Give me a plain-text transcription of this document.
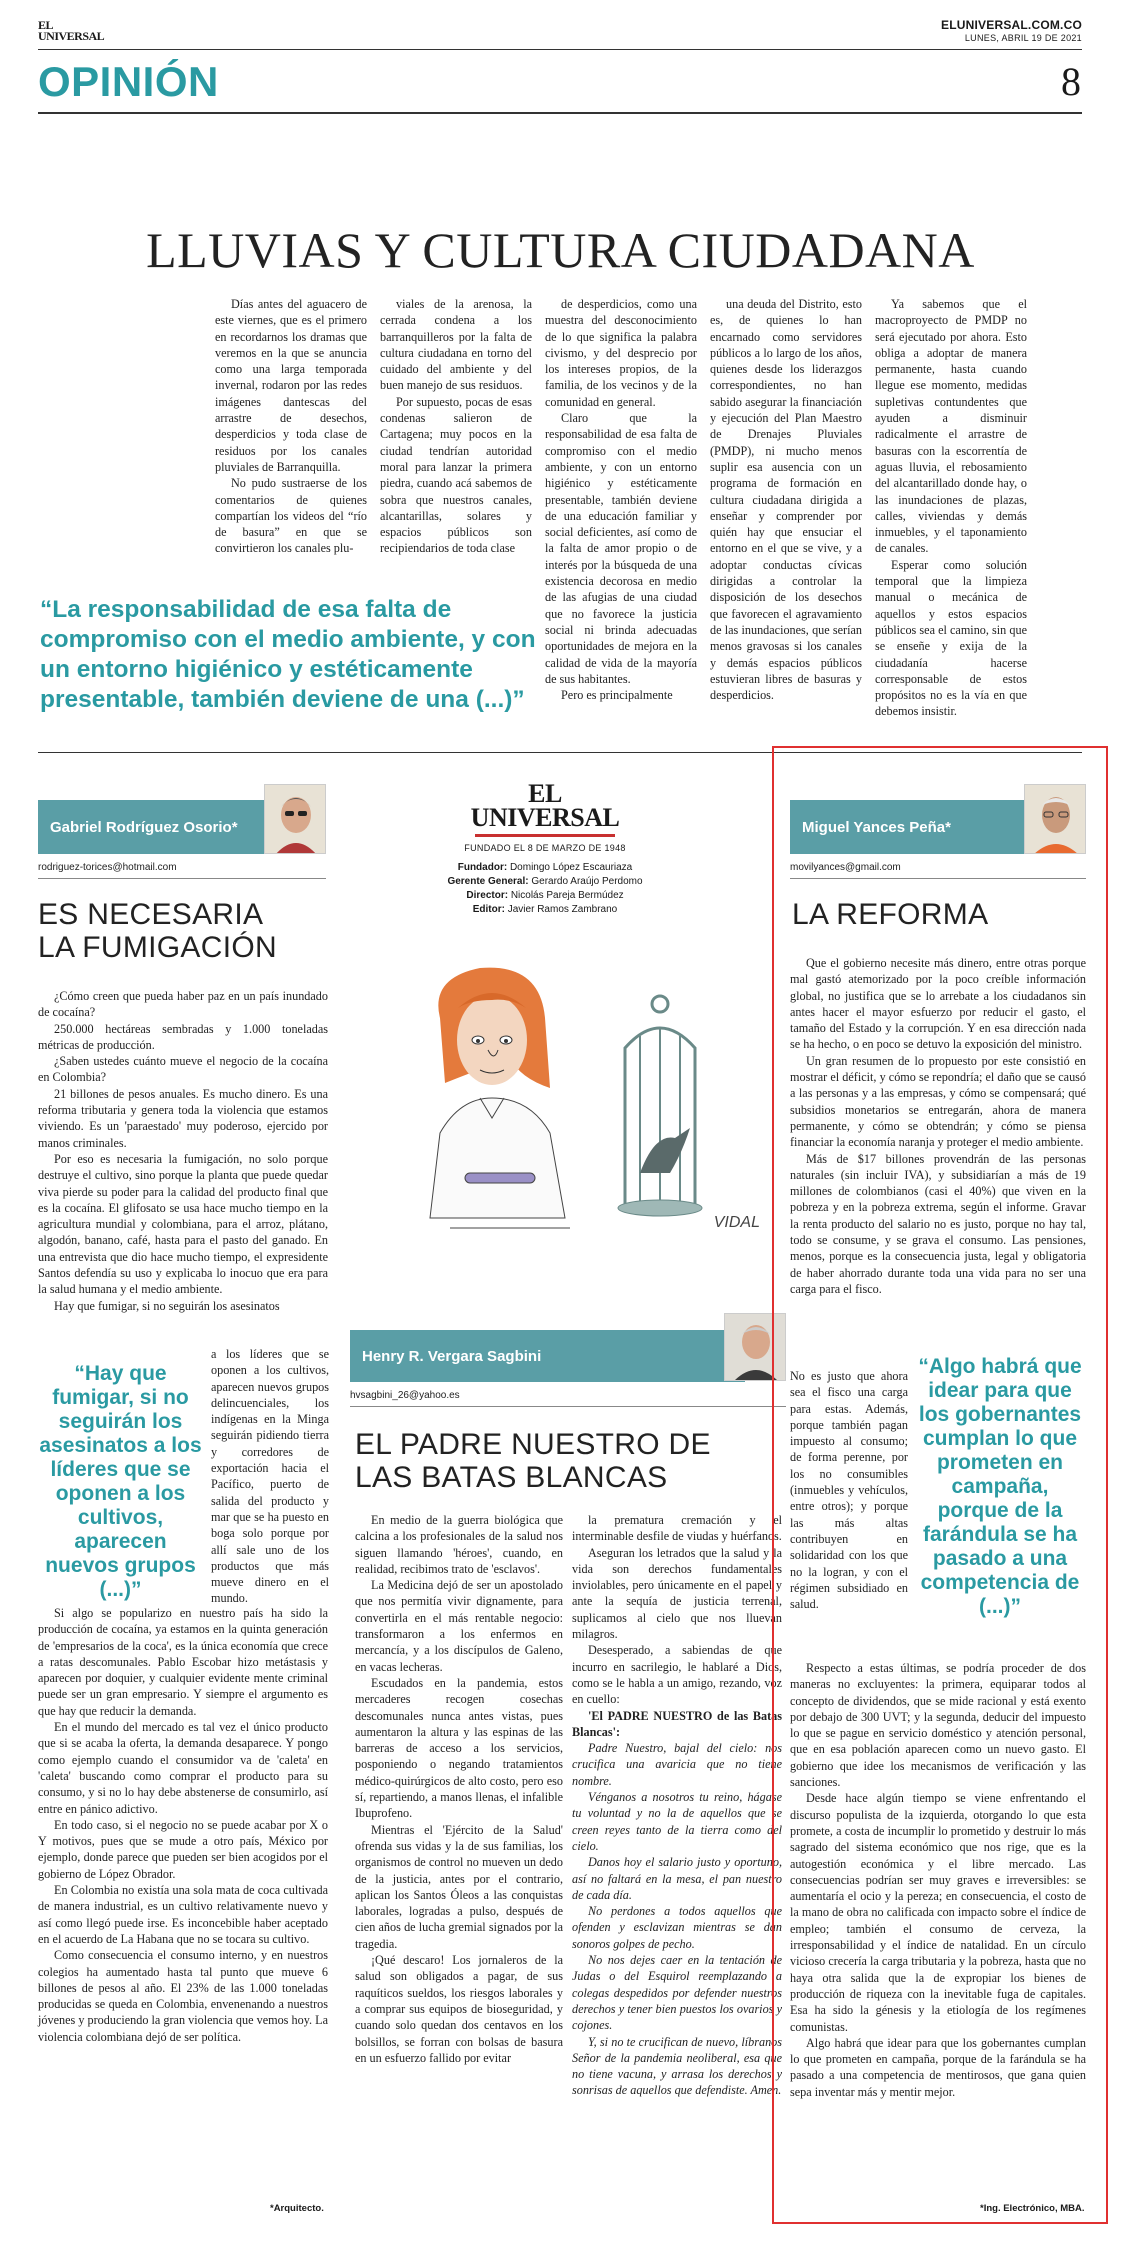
EL UNIVERSAL
ELUNIVERSAL.COM.CO
LUNES, ABRIL 19 DE 2021
OPINIÓN	8
LLUVIAS Y CULTURA CIUDADANA

Días antes del aguacero de este viernes, que es el primero en recordarnos los dramas que veremos en la que se anuncia como una larga temporada invernal, rodaron por las redes imágenes dantescas del arrastre de desechos, desperdicios y toda clase de residuos por los canales pluviales de Barranquilla.

No pudo sustraerse de los comentarios de quienes compartían los videos del “río de basura” en que se convirtieron los canales plu-

viales de la arenosa, la cerrada condena a los barranquilleros por la falta de cultura ciudadana en torno del cuidado del ambiente y del buen manejo de sus residuos.

Por supuesto, pocas de esas condenas salieron de Cartagena; muy pocos en la ciudad tendrían autoridad moral para lanzar la primera piedra, cuando acá sabemos de sobra que nuestros canales, alcantarillas, solares y espacios públicos son recipiendarios de toda clase

de desperdicios, como una muestra del desconocimiento de lo que significa la palabra civismo, y del desprecio por los intereses propios, de la familia, de los vecinos y de la comunidad en general.

Claro que la responsabilidad de esa falta de compromiso con el medio ambiente, y con un entorno higiénico y estéticamente presentable, también deviene de una educación familiar y social deficientes, así como de la falta de amor propio o de interés por la búsqueda de una existencia decorosa en medio de las afugias de una ciudad que no favorece la justicia social ni brinda adecuadas oportunidades de mejora en la calidad de vida de la mayoría de sus habitantes.

Pero es principalmente

una deuda del Distrito, esto es, de quienes lo han encarnado como servidores públicos a lo largo de los años, quienes desde los liderazgos correspondientes, no han sabido asegurar la financiación y ejecución del Plan Maestro de Drenajes Pluviales (PMDP), ni mucho menos suplir esa ausencia con un programa de formación en cultura ciudadana dirigida a enseñar y comprender por quién hay que ensuciar el entorno en el que se vive, y a adoptar conductas cívicas dirigidas a controlar la disposición de los desechos que favorecen el agravamiento de las inundaciones, que serían menos gravosas si los canales y demás espacios públicos estuvieran libres de basuras y desperdicios.

Ya sabemos que el macroproyecto de PMDP no será ejecutado por ahora. Esto obliga a adoptar de manera permanente, hasta cuando llegue ese momento, medidas supletivas contundentes que ayuden a disminuir radicalmente el arrastre de basuras con la escorrentía de aguas lluvia, el rebosamiento del alcantarillado donde hay, o las inundaciones de plazas, calles, viviendas y demás inmuebles, y el taponamiento de canales.

Esperar como solución temporal que la limpieza manual o mecánica de aquellos y estos espacios públicos sea el camino, sin que se enseñe y exija de la ciudadanía hacerse corresponsable de estos propósitos no es la vía en que debemos insistir.

“La responsabilidad de esa falta de compromiso con el medio ambiente, y con un entorno higiénico y estéticamente presentable, también deviene de una (...)”
Gabriel Rodríguez Osorio*
rodriguez-torices@hotmail.com
ES NECESARIA
LA FUMIGACIÓN

¿Cómo creen que pueda haber paz en un país inundado de cocaína?

250.000 hectáreas sembradas y 1.000 toneladas métricas de producción.

¿Saben ustedes cuánto mueve el negocio de la cocaína en Colombia?

21 billones de pesos anuales. Es mucho dinero. Es una reforma tributaria y genera toda la violencia que estamos viviendo. Es un 'paraestado' muy poderoso, ejercido por manos criminales.

Por eso es necesaria la fumigación, no solo porque destruye el cultivo, sino porque la planta que puede quedar viva pierde su poder para la calidad del producto final que es la cocaína. El glifosato se usa hace mucho tiempo en la agricultura mundial y colombiana, para el arroz, plátano, algodón, banano, café, hasta para el pasto del ganado. En una entrevista que dio hace mucho tiempo, el expresidente Santos defendía su uso y explicaba lo inocuo que era para la salud humana y el medio ambiente.

Hay que fumigar, si no seguirán los asesinatos

“Hay que fumigar, si no seguirán los asesinatos a los líderes que se oponen a los cultivos, aparecen nuevos grupos (...)”
a los líderes que se oponen a los cultivos, aparecen nuevos grupos delincuenciales, los indígenas en la Minga seguirán pidiendo tierra y corredores de exportación hacia el Pacífico, puerto de salida del producto y mar que se ha puesto en boga solo porque por allí sale uno de los productos que más mueve dinero en el mundo.

Si algo se popularizo en nuestro país ha sido la producción de cocaína, ya estamos en la quinta generación de 'empresarios de la coca', es la única economía que crece a ratas descomunales. Pablo Escobar hizo metástasis y aparecen por doquier, y cualquier evidente mente criminal puede ser un gran empresario. Y siempre el argumento es que hay que reducir la demanda.

En el mundo del mercado es tal vez el único producto que si se acaba la oferta, la demanda desaparece. Y pongo como ejemplo cuando el consumidor va de 'caleta' en 'caleta' buscando como comprar el producto para su consumo, y si no lo hay debe abstenerse de consumirlo, así entre en pánico adictivo.

En todo caso, si el negocio no se puede acabar por X o Y motivos, pues que se mude a otro país, México por ejemplo, donde parece que pueden ser bien acogidos por el gobierno de López Obrador.

En Colombia no existía una sola mata de coca cultivada de manera industrial, es un cultivo relativamente nuevo y así como llegó puede irse. Es inconcebible haber aceptado en el acuerdo de La Habana que no se tocara su cultivo.

Como consecuencia el consumo interno, y en nuestros colegios ha aumentado hasta tal punto que mueve 6 billones de pesos al año. El 23% de las 1.000 toneladas producidas se queda en Colombia, envenenando a nuestros jóvenes y produciendo la gran violencia que vemos hoy. La violencia colombiana dejó de ser política.

*Arquitecto.
EL
UNIVERSAL
FUNDADO EL 8 DE MARZO DE 1948
Fundador: Domingo López Escauriaza
Gerente General: Gerardo Araújo Perdomo
Director: Nicolás Pareja Bermúdez
Editor: Javier Ramos Zambrano
VIDAL
Henry R. Vergara Sagbini
hvsagbini_26@yahoo.es
EL PADRE NUESTRO DE
LAS BATAS BLANCAS

En medio de la guerra biológica que calcina a los profesionales de la salud nos siguen llamando 'héroes', cuando, en realidad, recibimos trato de 'esclavos'.

La Medicina dejó de ser un apostolado que nos permitía vivir dignamente, para convertirla en el más rentable negocio: transformaron a los enfermos en mercancía, y a los discípulos de Galeno, en vacas lecheras.

Escudados en la pandemia, estos mercaderes recogen cosechas descomunales nunca antes vistas, pues aumentaron la altura y las espinas de las barreras de acceso a los servicios, posponiendo o negando tratamientos médico-quirúrgicos de alto costo, pero eso sí, repartiendo, a manos llenas, el infalible Ibuprofeno.

Mientras el 'Ejército de la Salud' ofrenda sus vidas y la de sus familias, los organismos de control no mueven un dedo de la justicia, antes por el contrario, aplican los Santos Óleos a las conquistas laborales, logradas a pulso, después de cien años de lucha gremial signados por la tragedia.

¡Qué descaro! Los jornaleros de la salud son obligados a pagar, de sus raquíticos sueldos, los riesgos laborales y a comprar sus equipos de bioseguridad, y cuando solo quedan dos centavos en los bolsillos, se forran con bolsas de basura en un esfuerzo fallido por evitar

la prematura cremación y el interminable desfile de viudas y huérfanos.

Aseguran los letrados que la salud y la vida son derechos fundamentales inviolables, pero únicamente en el papel y ante la sequía de justicia terrenal, suplicamos al cielo que nos lluevan milagros.

Desesperado, a sabiendas de que incurro en sacrilegio, le hablaré a Dios, como se le habla a un amigo, rezando, voz en cuello:

'El PADRE NUESTRO de las Batas Blancas':

Padre Nuestro, bajal del cielo: nos crucifica una avaricia que no tiene nombre.

Vénganos a nosotros tu reino, hágase tu voluntad y no la de aquellos que se creen reyes tanto de la tierra como del cielo.

Danos hoy el salario justo y oportuno, así no faltará en la mesa, el pan nuestro de cada día.

No perdones a todos aquellos que ofenden y esclavizan mientras se dan sonoros golpes de pecho.

No nos dejes caer en la tentación de Judas o del Esquirol reemplazando a colegas despedidos por defender nuestros derechos y tener bien puestos los ovarios y cojones.

Y, si no te crucifican de nuevo, líbranos Señor de la pandemia neoliberal, esa que no tiene vacuna, y arrasa los derechos y sonrisas de aquellos que defendiste. Amen.

Miguel Yances Peña*
movilyances@gmail.com
LA REFORMA

Que el gobierno necesite más dinero, entre otras porque mal gastó atemorizado por la poco creíble información global, no justifica que se lo arrebate a los ciudadanos sin antes hacer el mayor esfuerzo por reducir el gasto, el tamaño del Estado y la corrupción. Y en esa dirección nada se ha hecho, o en poco se detuvo la exposición del ministro.

Un gran resumen de lo propuesto por este consistió en mostrar el déficit, y cómo se repondría; el daño que se causó a las personas y a las empresas, y cómo se compensará; qué subsidios monetarios se entregarán, ahora de manera permanente, y cómo se obtendrán; y cómo se piensa financiar la economía naranja y proteger el medio ambiente.

Más de $17 billones provendrán de las personas naturales (sin incluir IVA), y subsidiarían a más de 19 millones de colombianos (casi el 40%) que viven en la pobreza y en la pobreza extrema, según el informe. Gravar la renta producto del salario no es justo, porque no hay tal, todo se consume, y se grava el consumo. Las pensiones, menos, porque es la consecuencia justa, legal y obligatoria de haber ahorrado durante toda una vida para no ser una carga para el fisco.

No es justo que ahora sea el fisco una carga para estas. Además, porque también pagan impuesto al consumo; de forma perenne, por los no consumibles (inmuebles y vehículos, entre otros); y porque las más altas contribuyen en solidaridad con los que no la logran, y con el régimen subsidiado en salud.
“Algo habrá que idear para que los gobernantes cumplan lo que prometen en campaña, porque de la farándula se ha pasado a una competencia de (...)”

Respecto a estas últimas, se podría proceder de dos maneras no excluyentes: la primera, equiparar todos al concepto de dividendos, que se mide racional y está exento por debajo de 300 UVT; y la segunda, deducir del impuesto lo que se pague en servicio doméstico y atención personal, que en esa población aparecen como un nuevo gasto. El gobierno que idee los mecanismos de verificación y las sanciones.

Desde hace algún tiempo se viene enfrentando el discurso populista de la izquierda, otorgando lo que esta promete, a costa de incumplir lo prometido y destruir lo más sagrado del sistema económico que nos rige, que es la autogestión económica y el libre mercado. Las consecuencias podrían ser muy graves e irreversibles: se aumentaría el ocio y la pereza; en consecuencia, el costo de la mano de obra no calificada con impacto sobre el índice de empleo; también el consumo de cerveza, la irresponsabilidad y el índice de natalidad. En un círculo vicioso crecería la carga tributaria y la pobreza, hasta que no haya otra salida que la de expropiar los bienes de producción de riqueza con la inevitable fuga de capitales. Esa ha sido la génesis y la etiología de los regímenes comunistas.

Algo habrá que idear para que los gobernantes cumplan lo que prometen en campaña, porque de la farándula se ha pasado a una competencia de mentirosos, que gana quien sepa inventar más y mentir mejor.

*Ing. Electrónico, MBA.
